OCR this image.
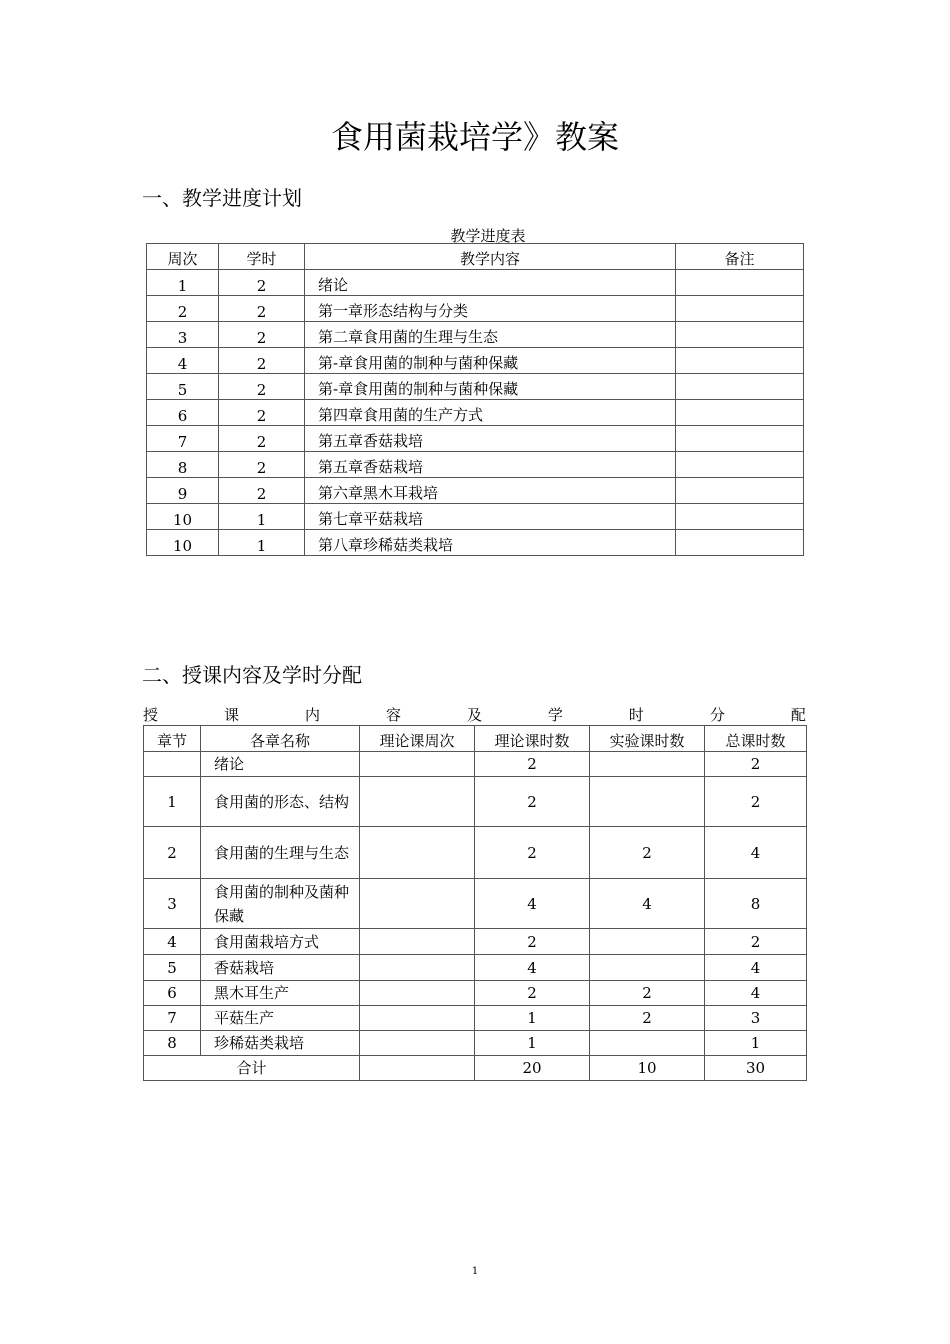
食用菌栽培学》教案
一、教学进度计划
教学进度表
周次	学时	教学内容	备注
1	2	绪论	
2	2	第一章形态结构与分类	
3	2	第二章食用菌的生理与生态	
4	2	第-章食用菌的制种与菌种保藏	
5	2	第-章食用菌的制种与菌种保藏	
6	2	第四章食用菌的生产方式	
7	2	第五章香菇栽培	
8	2	第五章香菇栽培	
9	2	第六章黑木耳栽培	
10	1	第七章平菇栽培	
10	1	第八章珍稀菇类栽培	
二、授课内容及学时分配
授	课	内	容	及	学	时	分	配
章节	各章名称	理论课周次	理论课时数	实验课时数	总课时数
	绪论		2		2
1	食用菌的形态、结构		2		2
2	食用菌的生理与生态		2	2	4
3	食用菌的制种及菌种保藏		4	4	8
4	食用菌栽培方式		2		2
5	香菇栽培		4		4
6	黑木耳生产		2	2	4
7	平菇生产		1	2	3
8	珍稀菇类栽培		1		1
合计			20	10	30
1
